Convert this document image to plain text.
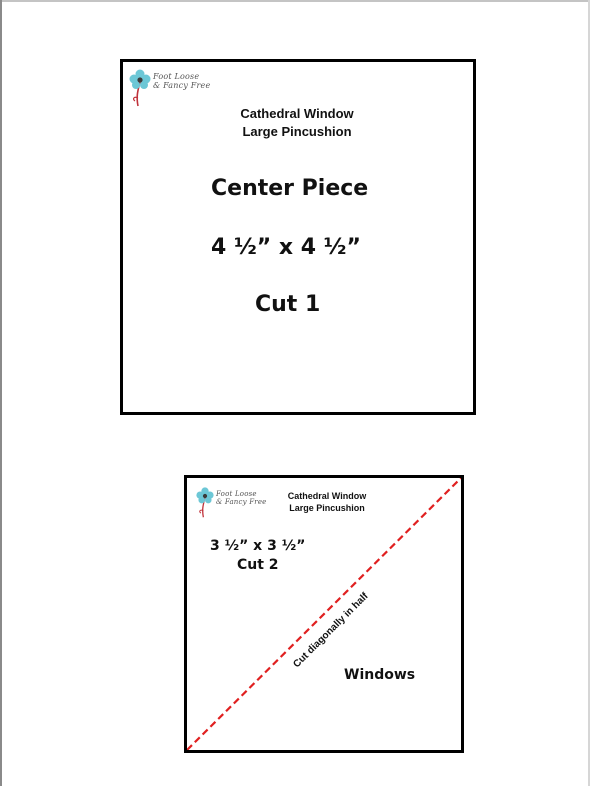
Foot Loose
& Fancy Free
Cathedral Window
Large Pincushion
Center Piece
4 ½” x 4 ½”
Cut 1
Foot Loose
& Fancy Free
Cathedral Window
Large Pincushion
3 ½” x 3 ½”
Cut 2
Cut diagonally in half
Windows
